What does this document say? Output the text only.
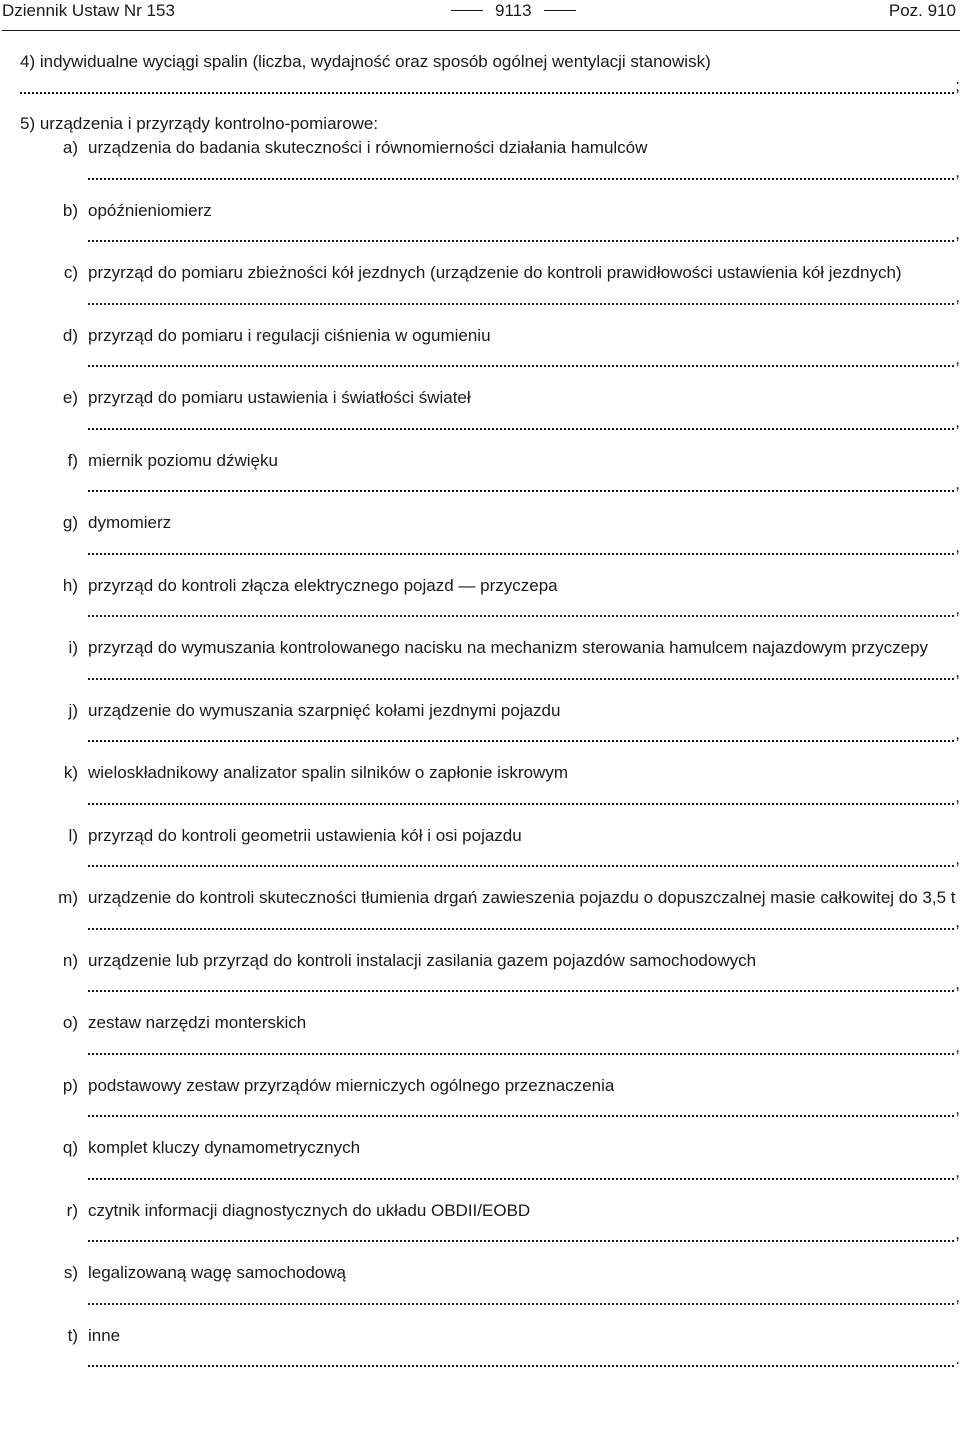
Dziennik Ustaw Nr 153	9113	Poz. 910
4) indywidualne wyciągi spalin (liczba, wydajność oraz sposób ogólnej wentylacji stanowisk)
;
5) urządzenia i przyrządy kontrolno-pomiarowe:
a) urządzenia do badania skuteczności i równomierności działania hamulców
,
b) opóźnieniomierz
,
c) przyrząd do pomiaru zbieżności kół jezdnych (urządzenie do kontroli prawidłowości ustawienia kół jezdnych)
,
d) przyrząd do pomiaru i regulacji ciśnienia w ogumieniu
,
e) przyrząd do pomiaru ustawienia i światłości świateł
,
f) miernik poziomu dźwięku
,
g) dymomierz
,
h) przyrząd do kontroli złącza elektrycznego pojazd — przyczepa
,
i) przyrząd do wymuszania kontrolowanego nacisku na mechanizm sterowania hamulcem najazdowym przyczepy
,
j) urządzenie do wymuszania szarpnięć kołami jezdnymi pojazdu
,
k) wieloskładnikowy analizator spalin silników o zapłonie iskrowym
,
l) przyrząd do kontroli geometrii ustawienia kół i osi pojazdu
,
m) urządzenie do kontroli skuteczności tłumienia drgań zawieszenia pojazdu o dopuszczalnej masie całkowitej do 3,5 t
,
n) urządzenie lub przyrząd do kontroli instalacji zasilania gazem pojazdów samochodowych
,
o) zestaw narzędzi monterskich
,
p) podstawowy zestaw przyrządów mierniczych ogólnego przeznaczenia
,
q) komplet kluczy dynamometrycznych
,
r) czytnik informacji diagnostycznych do układu OBDII/EOBD
,
s) legalizowaną wagę samochodową
,
t) inne
.
